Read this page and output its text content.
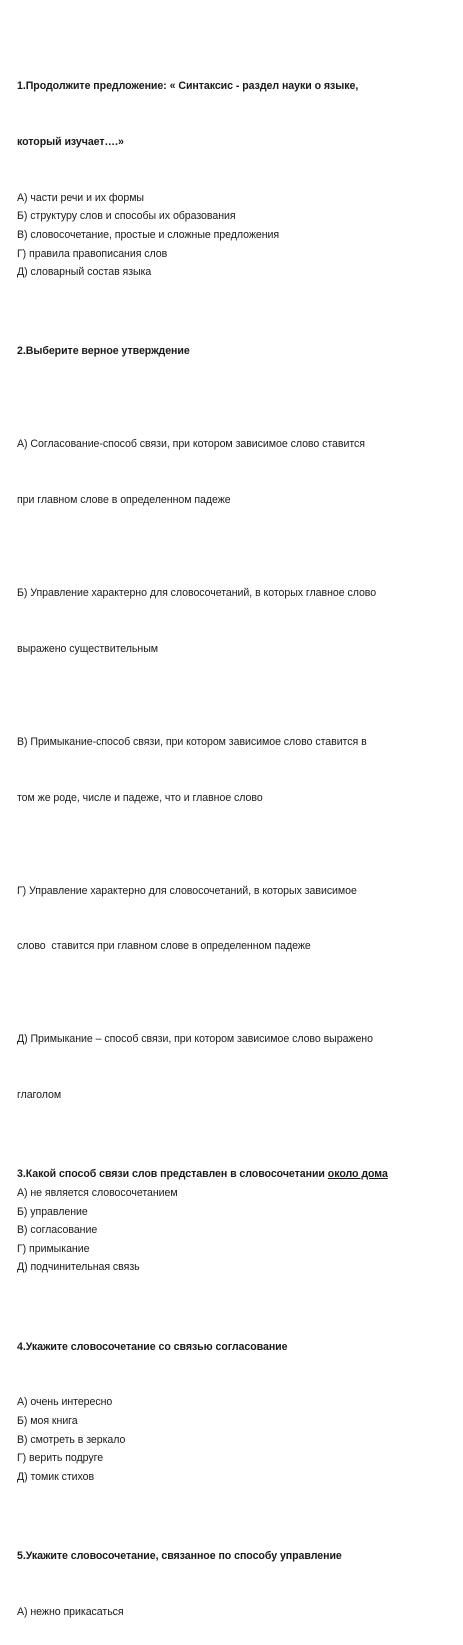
1.Продолжите предложение: « Синтаксис - раздел науки о языке,

который изучает….»

А) части речи и их формы
Б) структуру слов и способы их образования
В) словосочетание, простые и сложные предложения
Г) правила правописания слов
Д) словарный состав языка

2.Выберите верное утверждение

А) Согласование-способ связи, при котором зависимое слово ставится

при главном слове в определенном падеже

Б) Управление характерно для словосочетаний, в которых главное слово

выражено существительным

В) Примыкание-способ связи, при котором зависимое слово ставится в

том же роде, числе и падеже, что и главное слово

Г) Управление характерно для словосочетаний, в которых зависимое

слово  ставится при главном слове в определенном падеже

Д) Примыкание – способ связи, при котором зависимое слово выражено

глаголом

3.Какой способ связи слов представлен в словосочетании около дома
А) не является словосочетанием
Б) управление
В) согласование
Г) примыкание
Д) подчинительная связь

4.Укажите словосочетание со связью согласование

А) очень интересно
Б) моя книга
В) смотреть в зеркало
Г) верить подруге
Д) томик стихов

5.Укажите словосочетание, связанное по способу управление

А) нежно прикасаться
